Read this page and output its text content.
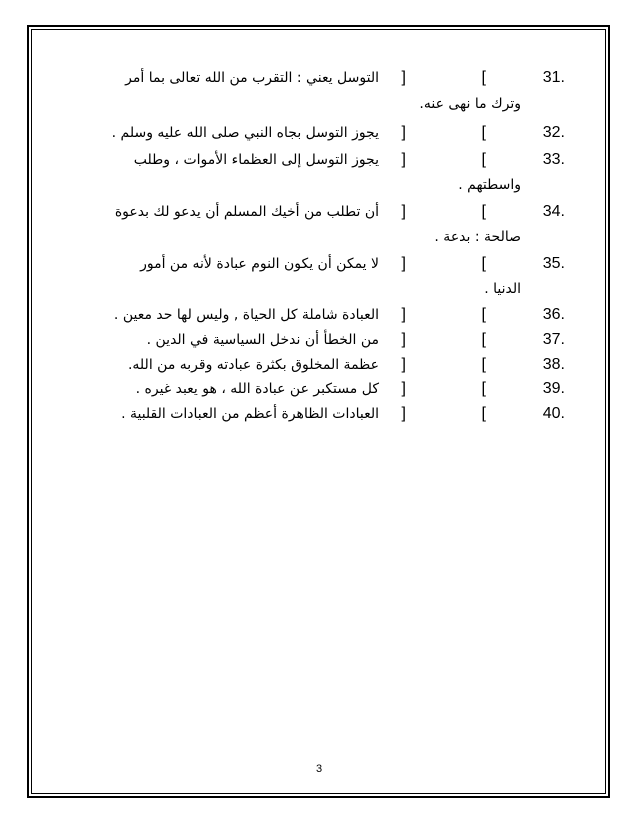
31.
[
]
التوسل يعني : التقرب من الله تعالى بما أمر
وترك ما نهى عنه.
32.
[
]
يجوز التوسل بجاه النبي صلى الله عليه وسلم .
33.
[
]
يجوز التوسل إلى العظماء الأموات ، وطلب
واسطتهم .
34.
[
]
أن تطلب من أخيك المسلم أن يدعو لك بدعوة
صالحة : بدعة .
35.
[
]
لا يمكن أن يكون النوم عبادة لأنه من أمور
الدنيا .
36.
[
]
العبادة شاملة كل الحياة , وليس لها حد معين .
37.
[
]
من الخطأ أن ندخل السياسية في الدين .
38.
[
]
عظمة المخلوق بكثرة عبادته وقربه من الله.
39.
[
]
كل مستكبر عن عبادة الله ، هو يعبد غيره .
40.
[
]
العبادات الظاهرة أعظم من العبادات القلبية .
3
